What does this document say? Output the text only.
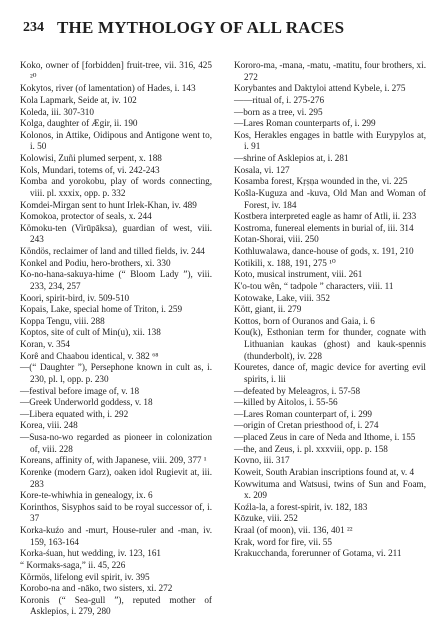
234 THE MYTHOLOGY OF ALL RACES
Koko, owner of [forbidden] fruit-tree, vii. 316, 425 ²⁰
Kokytos, river (of lamentation) of Hades, i. 143
Kola Lapmark, Seide at, iv. 102
Koleda, iii. 307-310
Kolga, daughter of Ægir, ii. 190
Kolonos, in Attike, Oidipous and Antigone went to, i. 50
Kolowisi, Zuñi plumed serpent, x. 188
Kols, Mundari, totems of, vi. 242-243
Komba and yorokobu, play of words connecting, viii. pl. xxxix, opp. p. 332
Komdei-Mirgan sent to hunt Irlek-Khan, iv. 489
Komokoa, protector of seals, x. 244
Kömoku-ten (Virūpāksa), guardian of west, viii. 243
Köndös, reclaimer of land and tilled fields, iv. 244
Konkel and Podiu, hero-brothers, xi. 330
Ko-no-hana-sakuya-hime (“ Bloom Lady ”), viii. 233, 234, 257
Koori, spirit-bird, iv. 509-510
Kopais, Lake, special home of Triton, i. 259
Koppa Tengu, viii. 288
Koptos, site of cult of Min(u), xii. 138
Koran, v. 354
Korê and Chaabou identical, v. 382 ⁶⁸
—(“ Daughter ”), Persephone known in cult as, i. 230, pl. l, opp. p. 230
—festival before image of, v. 18
—Greek Underworld goddess, v. 18
—Libera equated with, i. 292
Korea, viii. 248
—Susa-no-wo regarded as pioneer in colonization of, viii. 228
Koreans, affinity of, with Japanese, viii. 209, 377 ¹
Korenke (modern Garz), oaken idol Rugievit at, iii. 283
Kore-te-whiwhia in genealogy, ix. 6
Korinthos, Sisyphos said to be royal successor of, i. 37
Korka-kuźo and -murt, House-ruler and -man, iv. 159, 163-164
Korka-śuan, hut wedding, iv. 123, 161
“ Kormaks-saga,” ii. 45, 226
Körmös, lifelong evil spirit, iv. 395
Korobo-na and -nāko, two sisters, xi. 272
Koronis (“ Sea-gull ”), reputed mother of Asklepios, i. 279, 280
Kororo-ma, -mana, -matu, -matitu, four brothers, xi. 272
Korybantes and Daktyloi attend Kybele, i. 275
——ritual of, i. 275-276
—born as a tree, vi. 295
—Lares Roman counterparts of, i. 299
Kos, Herakles engages in battle with Eurypylos at, i. 91
—shrine of Asklepios at, i. 281
Kosala, vi. 127
Kosamba forest, Kṛṣṇa wounded in the, vi. 225
Košla-Kuguza and -kuva, Old Man and Woman of Forest, iv. 184
Kostbera interpreted eagle as hamr of Atli, ii. 233
Kostroma, funereal elements in burial of, iii. 314
Kotan-Shorai, viii. 250
Kothluwalawa, dance-house of gods, x. 191, 210
Kotikili, x. 188, 191, 275 ¹⁰
Koto, musical instrument, viii. 261
K'o-tou wên, “ tadpole ” characters, viii. 11
Kotowake, Lake, viii. 352
Kött, giant, ii. 279
Kottos, born of Ouranos and Gaia, i. 6
Kou(k), Esthonian term for thunder, cognate with Lithuanian kaukas (ghost) and kauk-spennis (thunderbolt), iv. 228
Kouretes, dance of, magic device for averting evil spirits, i. lii
—defeated by Meleagros, i. 57-58
—killed by Aitolos, i. 55-56
—Lares Roman counterpart of, i. 299
—origin of Cretan priesthood of, i. 274
—placed Zeus in care of Neda and Ithome, i. 155
—the, and Zeus, i. pl. xxxviii, opp. p. 158
Kovno, iii. 317
Koweit, South Arabian inscriptions found at, v. 4
Kowwituma and Watsusi, twins of Sun and Foam, x. 209
Koźla-la, a forest-spirit, iv. 182, 183
Kōzuke, viii. 252
Kraal (of moon), vii. 136, 401 ²²
Krak, word for fire, vii. 55
Krakucchanda, forerunner of Gotama, vi. 211
